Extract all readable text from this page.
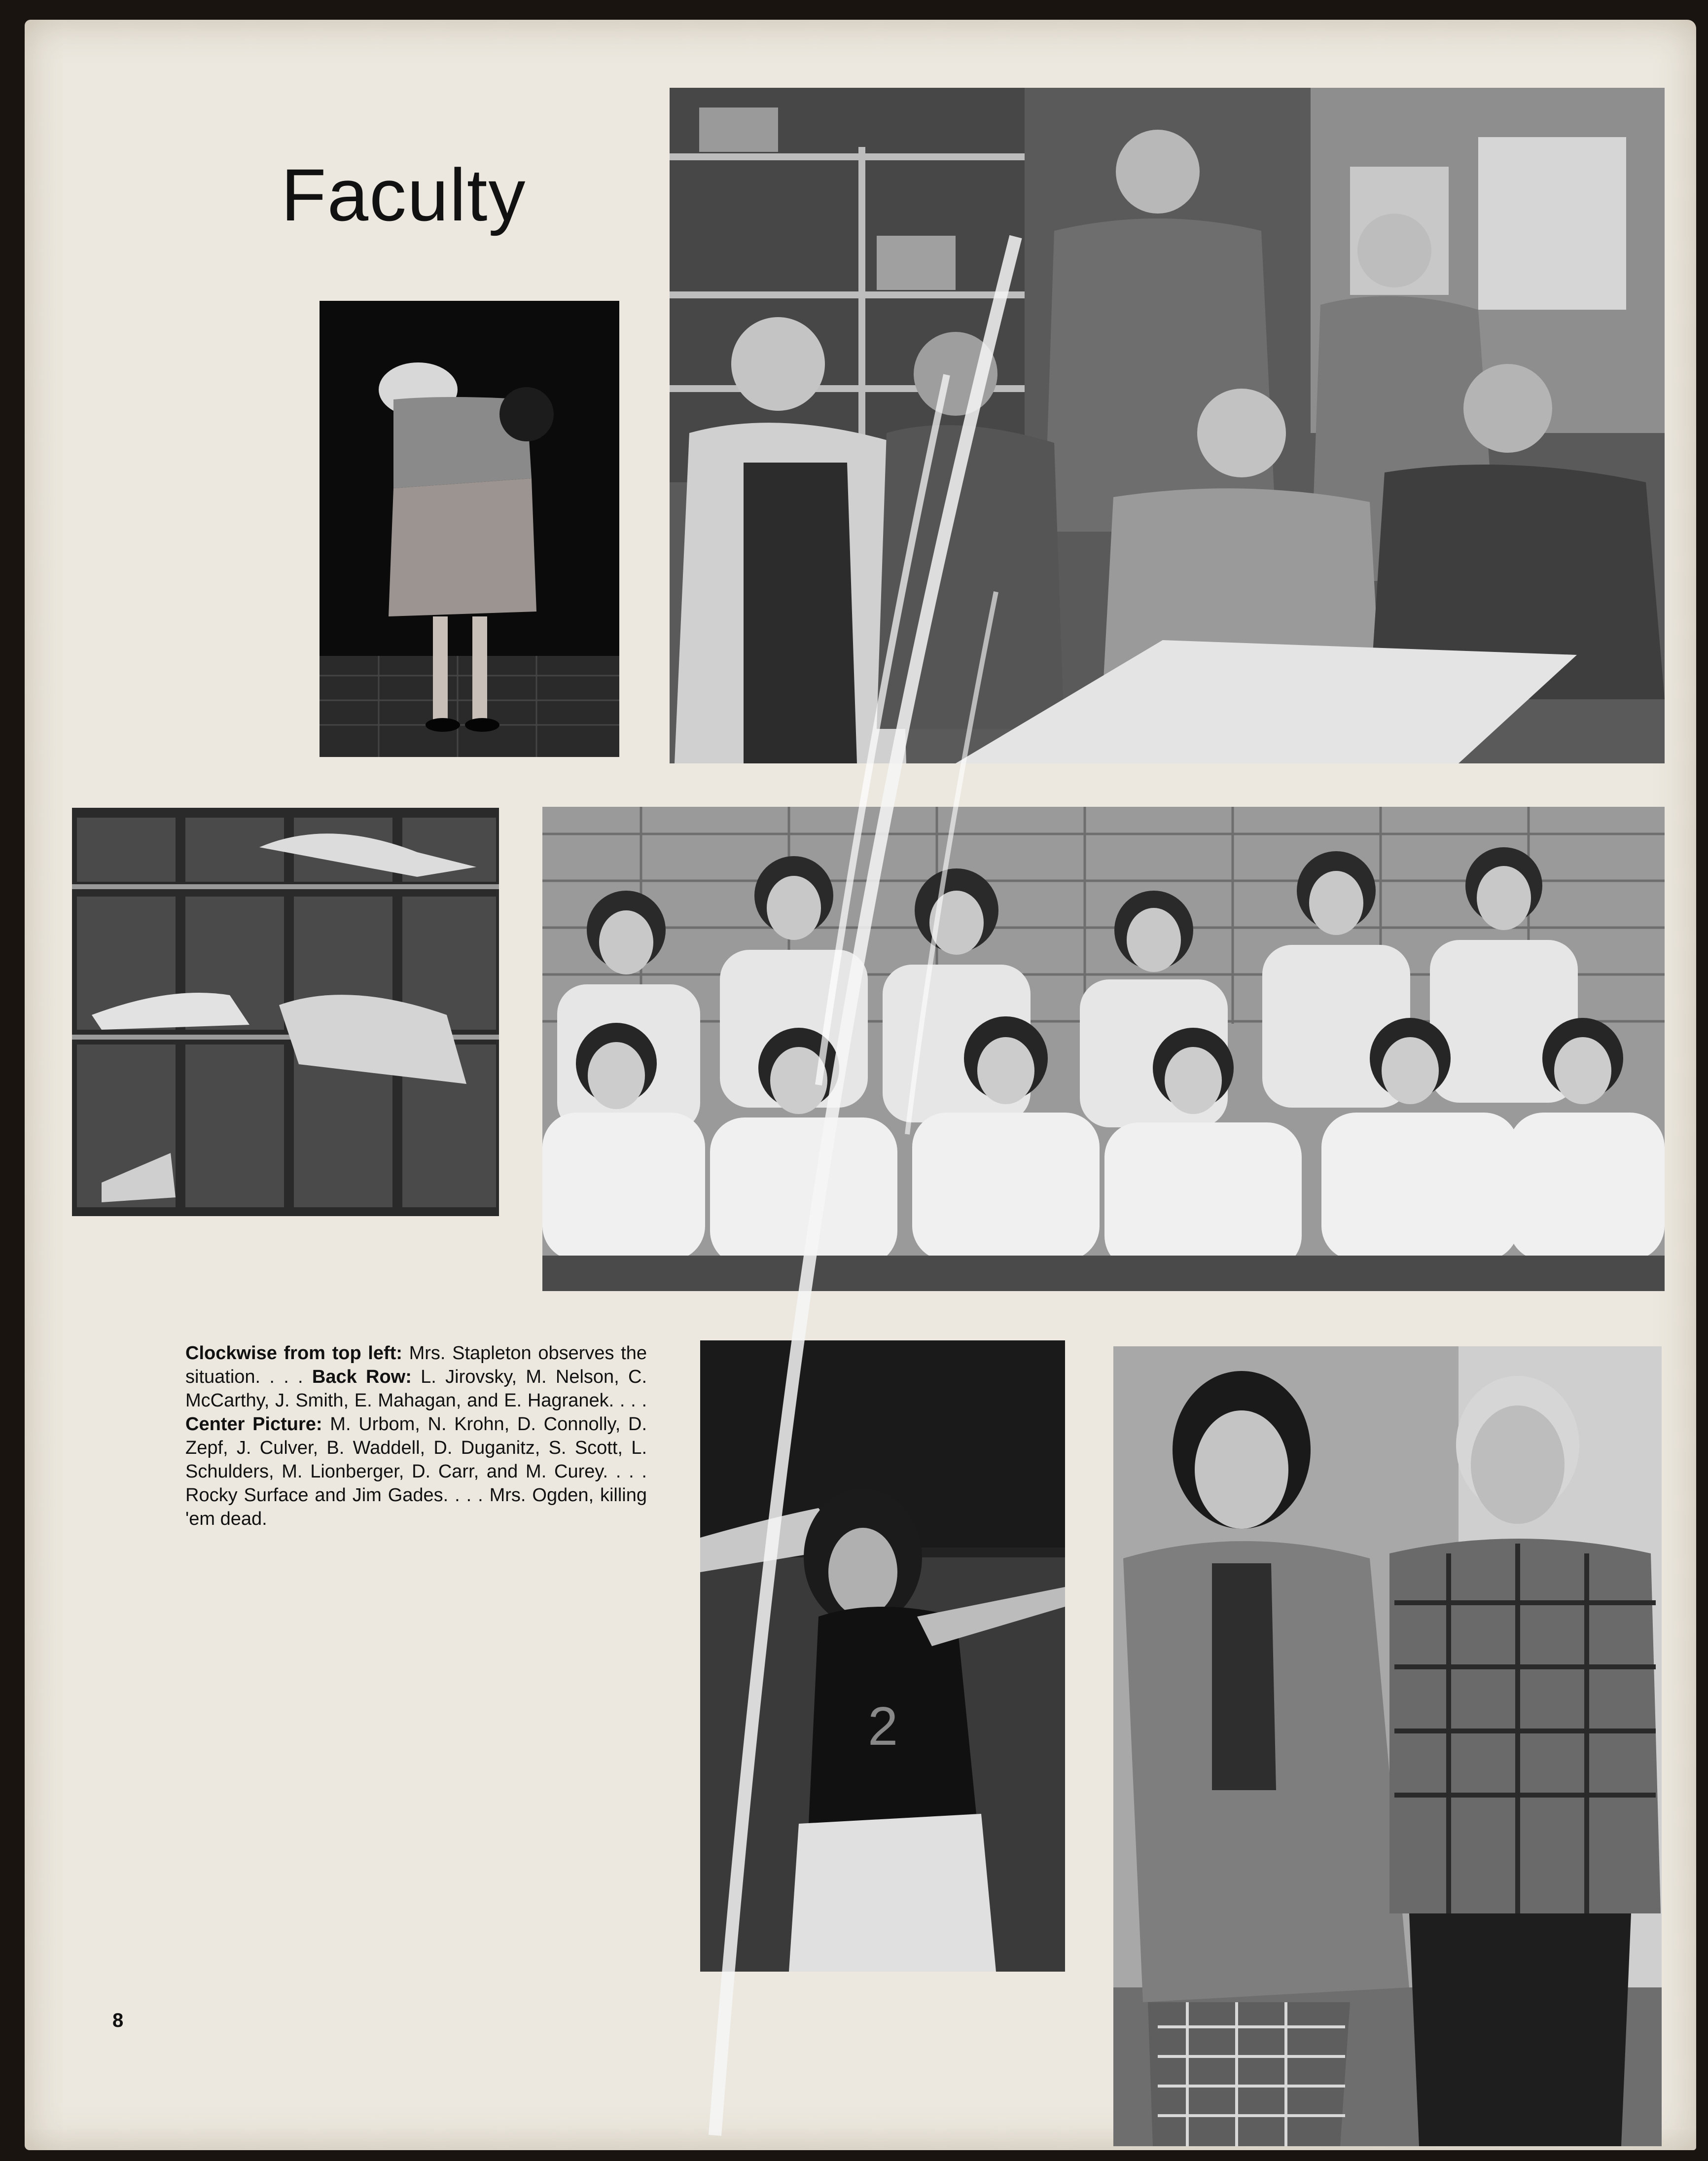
Faculty
2
Clockwise from top left: Mrs. Stapleton observes the situation. . . . Back Row: L. Jirovsky, M. Nelson, C. McCarthy, J. Smith, E. Mahagan, and E. Hagranek. . . . Center Picture: M. Urbom, N. Krohn, D. Connolly, D. Zepf, J. Culver, B. Waddell, D. Duganitz, S. Scott, L. Schulders, M. Lionberger, D. Carr, and M. Curey. . . . Rocky Surface and Jim Gades. . . . Mrs. Ogden, killing 'em dead.
8
